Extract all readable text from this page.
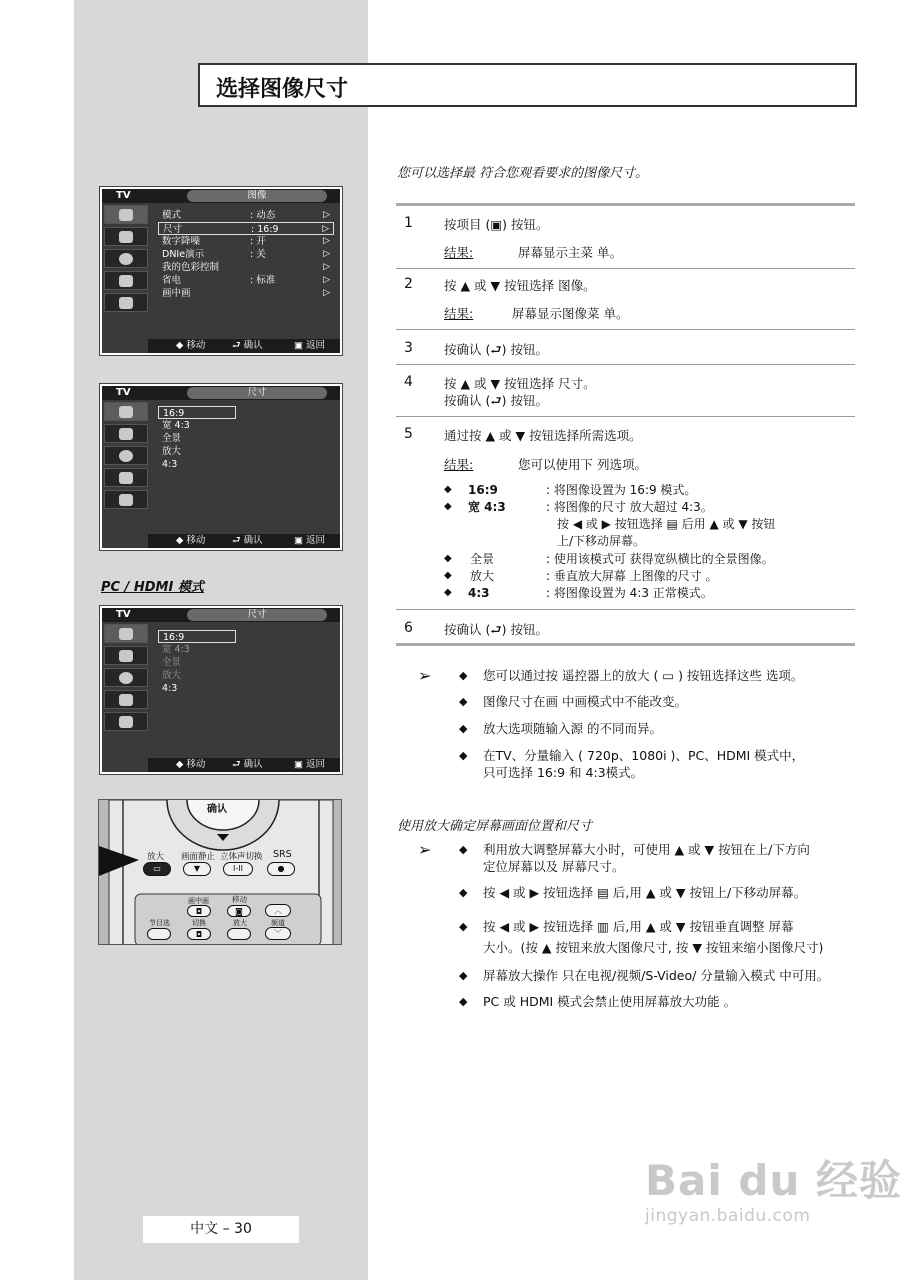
选择图像尺寸
您可以选择最 符合您观看要求的图像尺寸。
TV	图像
模式	: 动态	▷
尺寸	: 16:9	▷
数字降噪	: 开	▷
DNIe演示	: 关	▷
我的色彩控制	▷
省电	: 标准	▷
画中画	▷
◆ 移动	⮐ 确认	▣ 返回
TV	尺寸
16:9
宽 4:3
全景
放大
4:3
◆ 移动	⮐ 确认	▣ 返回
PC / HDMI 模式
TV	尺寸
16:9
宽 4:3
全景
放大
4:3
◆ 移动	⮐ 确认	▣ 返回
确认
放大 画面静止 立体声切换 SRS
▭	▼	I-II	●
画中画	移动
◘	◙	︿
节目选	切换	放大	频道
◘	﹀
1 按项目 (▣) 按钮。
结果:	屏幕显示主菜 单。
2 按 ▲ 或 ▼ 按钮选择 图像。
结果:	屏幕显示图像菜 单。
3 按确认 (⮐) 按钮。
4 按 ▲ 或 ▼ 按钮选择 尺寸。
按确认 (⮐) 按钮。
5 通过按 ▲ 或 ▼ 按钮选择所需选项。
结果:	您可以使用下 列选项。
◆ 16:9	: 将图像设置为 16:9 模式。
◆ 宽 4:3	: 将图像的尺寸 放大超过 4:3。
按 ◀ 或 ▶ 按钮选择 ▤ 后用 ▲ 或 ▼ 按钮
上/下移动屏幕。
◆ 全景	: 使用该模式可 获得宽纵横比的全景图像。
◆ 放大	: 垂直放大屏幕 上图像的尺寸 。
◆ 4:3	: 将图像设置为 4:3 正常模式。
6 按确认 (⮐) 按钮。
➢	◆ 您可以通过按 遥控器上的放大 ( ▭ ) 按钮选择这些 选项。
◆ 图像尺寸在画 中画模式中不能改变。
◆ 放大选项随输入源 的不同而异。
◆ 在TV、分量输入 ( 720p、1080i )、PC、HDMI 模式中，
只可选择 16:9 和 4:3模式。
使用放大确定屏幕画面位置和尺寸
➢	◆ 利用放大调整屏幕大小时，可使用 ▲ 或 ▼ 按钮在上/下方向
定位屏幕以及 屏幕尺寸。
◆ 按 ◀ 或 ▶ 按钮选择 ▤ 后,用 ▲ 或 ▼ 按钮上/下移动屏幕。
◆ 按 ◀ 或 ▶ 按钮选择 ▥ 后,用 ▲ 或 ▼ 按钮垂直调整 屏幕
大小。(按 ▲ 按钮来放大图像尺寸, 按 ▼ 按钮来缩小图像尺寸)
◆ 屏幕放大操作 只在电视/视频/S-Video/ 分量输入模式 中可用。
◆ PC 或 HDMI 模式会禁止使用屏幕放大功能 。
中文 – 30
Bai du 经验
jingyan.baidu.com
